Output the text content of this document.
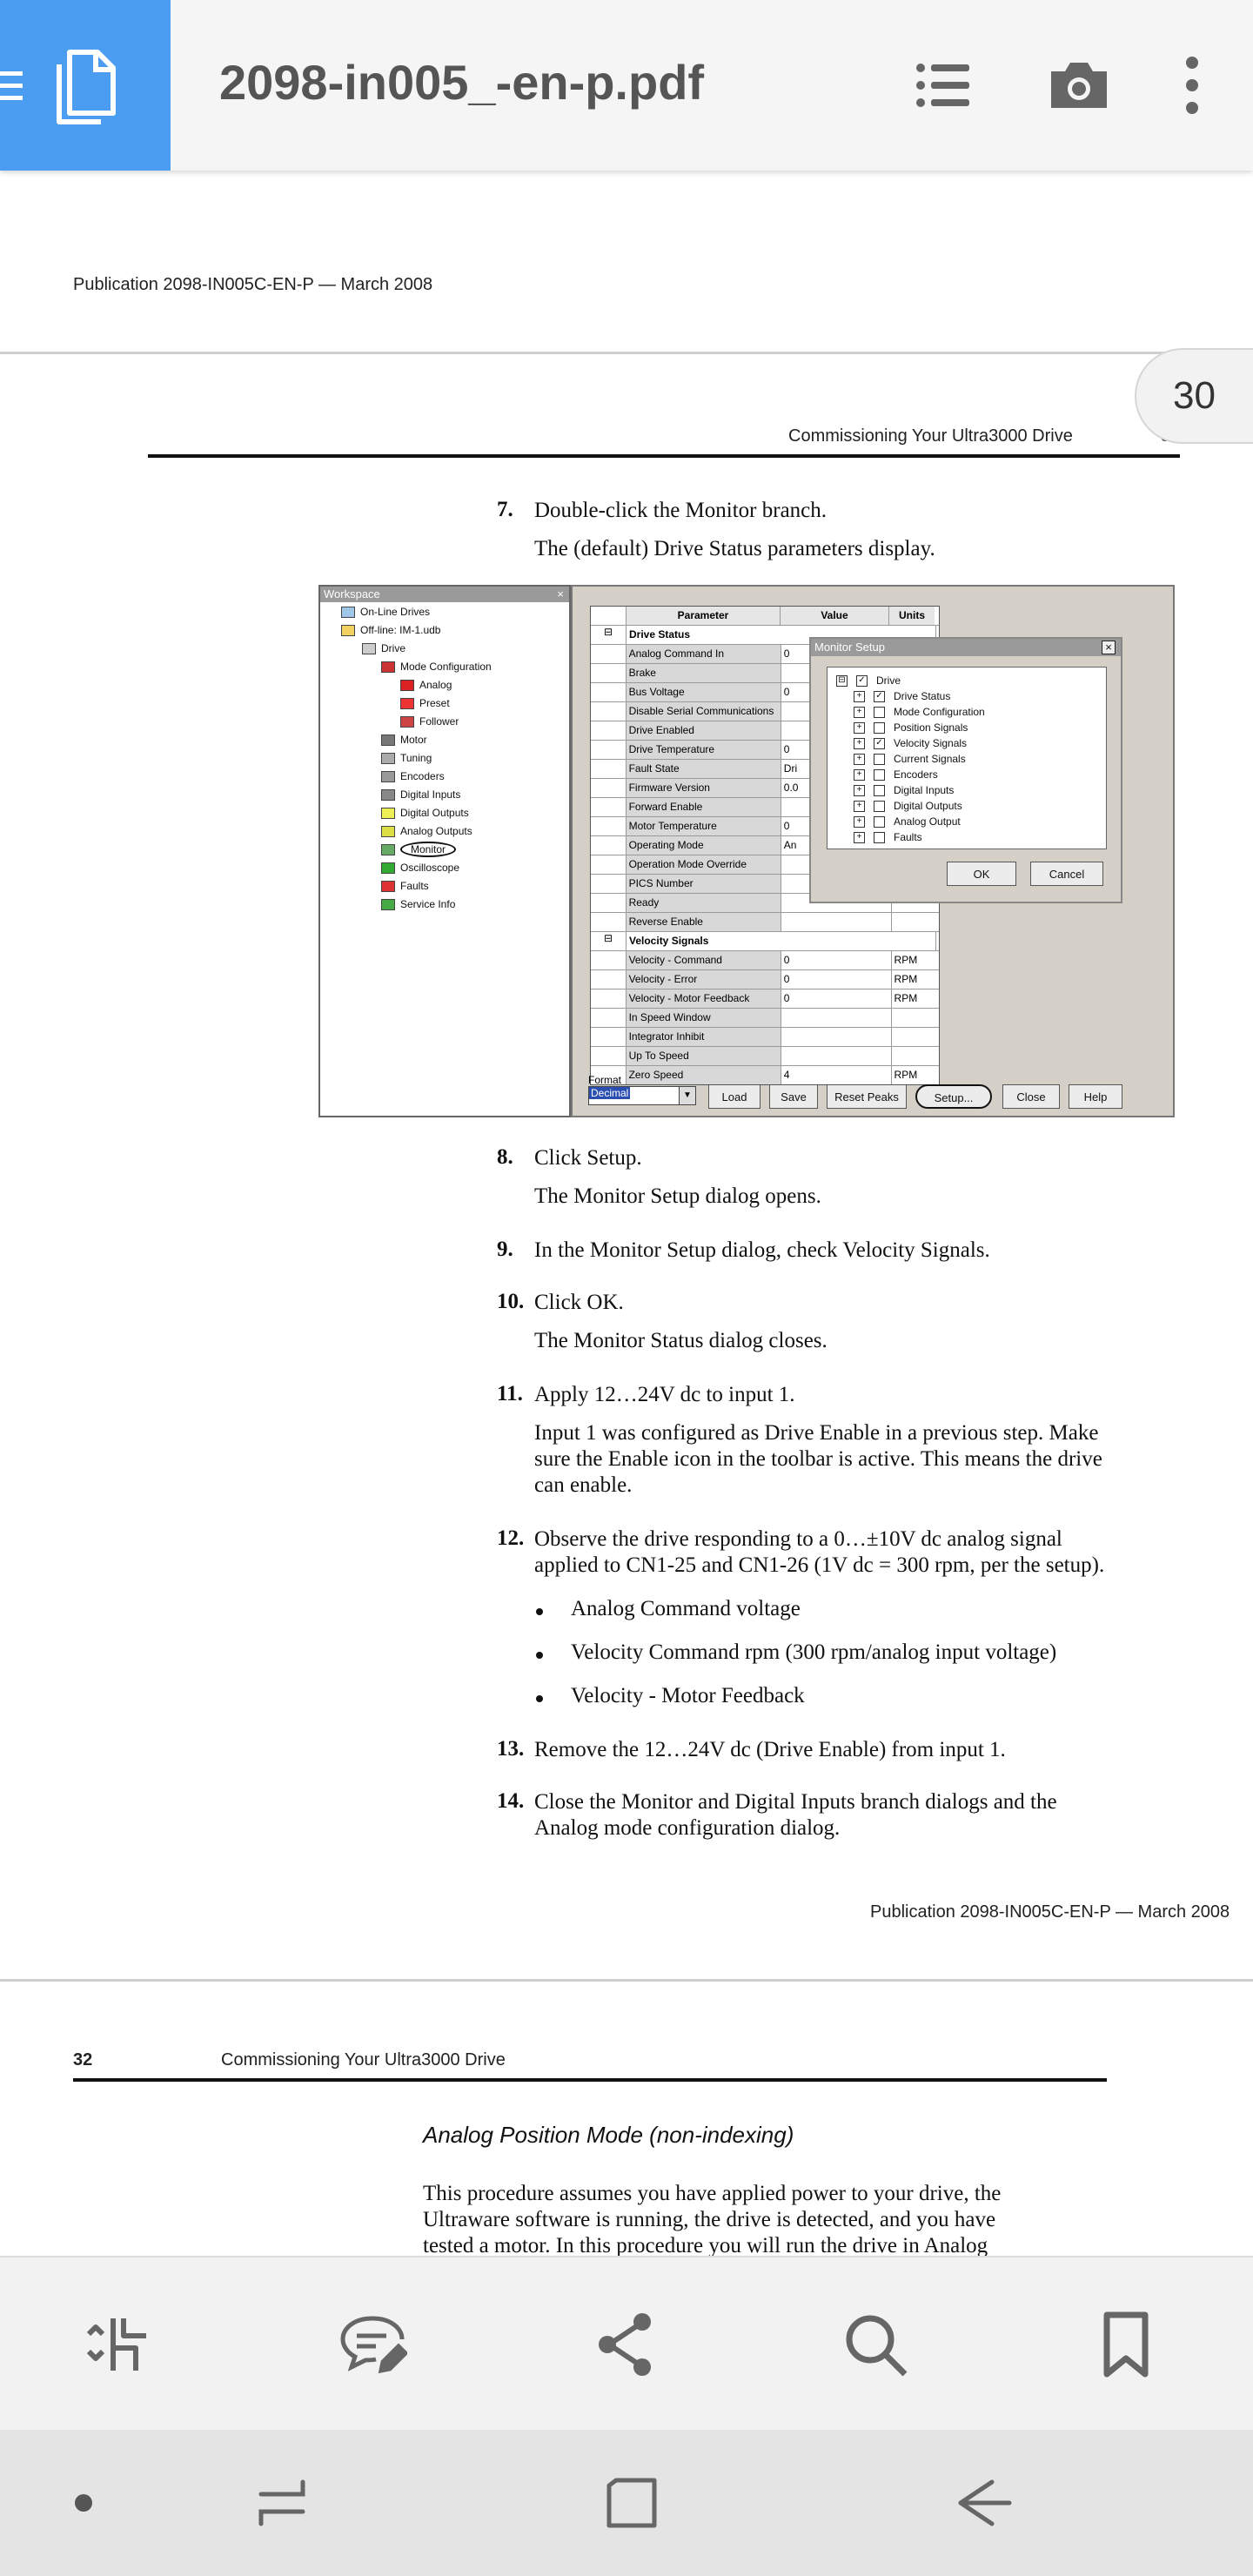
2098-in005_-en-p.pdf
Publication 2098-IN005C-EN-P — March 2008
Commissioning Your Ultra3000 Drive
7. Double-click the Monitor branch.
The (default) Drive Status parameters display.
Workspace	×
On-Line Drives
Off-line: IM-1.udb
Drive
Mode Configuration
Analog
Preset
Follower
Motor
Tuning
Encoders
Digital Inputs
Digital Outputs
Analog Outputs
Monitor
Oscilloscope
Faults
Service Info
Parameter	Value	Units
⊟	Drive Status
Analog Command In	0
Brake
Bus Voltage	0
Disable Serial Communications
Drive Enabled
Drive Temperature	0
Fault State	Dri
Firmware Version	0.0
Forward Enable
Motor Temperature	0
Operating Mode	An
Operation Mode Override
PICS Number
Ready
Reverse Enable
⊟	Velocity Signals
Velocity - Command	0	RPM
Velocity - Error	0	RPM
Velocity - Motor Feedback	0	RPM
In Speed Window
Integrator Inhibit
Up To Speed
Zero Speed	4	RPM
Monitor Setup	×
⊟ ✓ Drive
+ ✓ Drive Status
+	Mode Configuration
+	Position Signals
+ ✓ Velocity Signals
+	Current Signals
+	Encoders
+	Digital Inputs
+	Digital Outputs
+	Analog Output
+	Faults
OK	Cancel
Format
Decimal	▼	Load	Save	Reset Peaks	Setup...	Close	Help
8. Click Setup.
The Monitor Setup dialog opens.
9. In the Monitor Setup dialog, check Velocity Signals.
10. Click OK.
The Monitor Status dialog closes.
11. Apply 12…24V dc to input 1.
Input 1 was configured as Drive Enable in a previous step. Make
sure the Enable icon in the toolbar is active. This means the drive
can enable.
12. Observe the drive responding to a 0…±10V dc analog signal
applied to CN1-25 and CN1-26 (1V dc = 300 rpm, per the setup).
Analog Command voltage
Velocity Command rpm (300 rpm/analog input voltage)
Velocity - Motor Feedback
13. Remove the 12…24V dc (Drive Enable) from input 1.
14. Close the Monitor and Digital Inputs branch dialogs and the
Analog mode configuration dialog.
Publication 2098-IN005C-EN-P — March 2008
32	Commissioning Your Ultra3000 Drive
Analog Position Mode (non-indexing)
This procedure assumes you have applied power to your drive, the
Ultraware software is running, the drive is detected, and you have
tested a motor. In this procedure you will run the drive in Analog
30
